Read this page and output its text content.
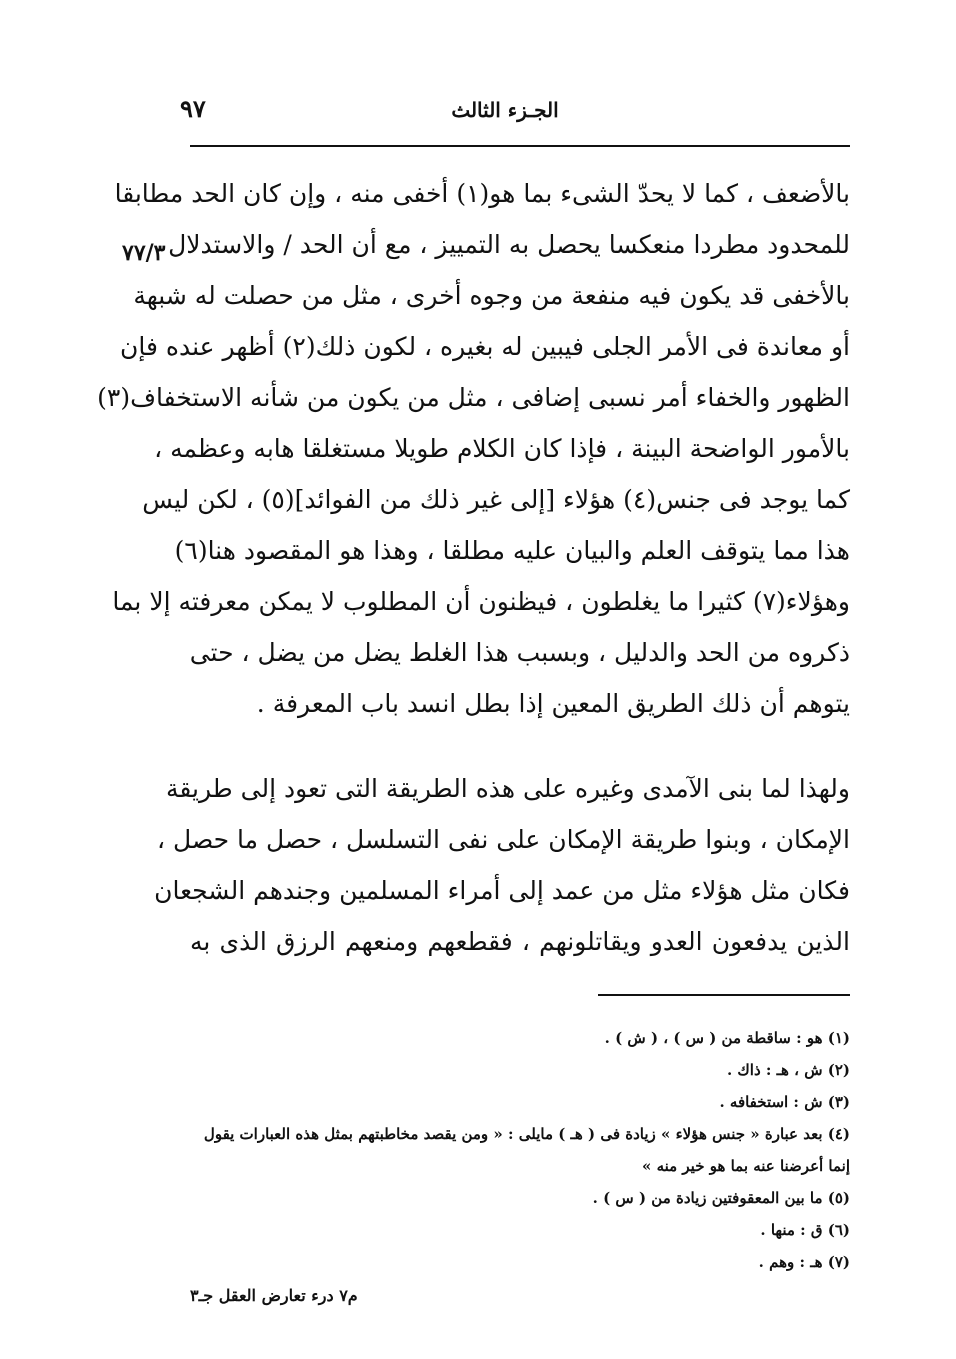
٩٧	الجـزء الثالث
٧٧/٣
بالأضعف ، كما لا يحدّ الشىء بما هو(١) أخفى منه ، وإن كان الحد مطابقا
للمحدود مطردا منعكسا يحصل به التمييز ، مع أن الحد / والاستدلال
بالأخفى قد يكون فيه منفعة من وجوه أخرى ، مثل من حصلت له شبهة
أو معاندة فى الأمر الجلى فيبين له بغيره ، لكون ذلك(٢) أظهر عنده فإن
الظهور والخفاء أمر نسبى إضافى ، مثل من يكون من شأنه الاستخفاف(٣)
بالأمور الواضحة البينة ، فإذا كان الكلام طويلا مستغلقا هابه وعظمه ،
كما يوجد فى جنس(٤) هؤلاء [إلى غير ذلك من الفوائد](٥) ، لكن ليس
هذا مما يتوقف العلم والبيان عليه مطلقا ، وهذا هو المقصود هنا(٦)
وهؤلاء(٧) كثيرا ما يغلطون ، فيظنون أن المطلوب لا يمكن معرفته إلا بما
ذكروه من الحد والدليل ، وبسبب هذا الغلط يضل من يضل ، حتى
يتوهم أن ذلك الطريق المعين إذا بطل انسد باب المعرفة .
ولهذا لما بنى الآمدى وغيره على هذه الطريقة التى تعود إلى طريقة
الإمكان ، وبنوا طريقة الإمكان على نفى التسلسل ، حصل ما حصل ،
فكان مثل هؤلاء مثل من عمد إلى أمراء المسلمين وجندهم الشجعان
الذين يدفعون العدو ويقاتلونهم ، فقطعهم ومنعهم الرزق الذى به
(١) هو : ساقطة من ( س ) ، ( ش ) .
(٢) ش ، هـ : ذاك .
(٣) ش : استخفافه .
(٤) بعد عبارة « جنس هؤلاء » زيادة فى ( هـ ) مايلى : « ومن يقصد مخاطبتهم بمثل هذه العبارات يقول
إنما أعرضنا عنه بما هو خير منه »
(٥) ما بين المعقوفتين زيادة من ( س ) .
(٦) ق : منها .
(٧) هـ : وهم .
م٧ درء تعارض العقل جـ٣
